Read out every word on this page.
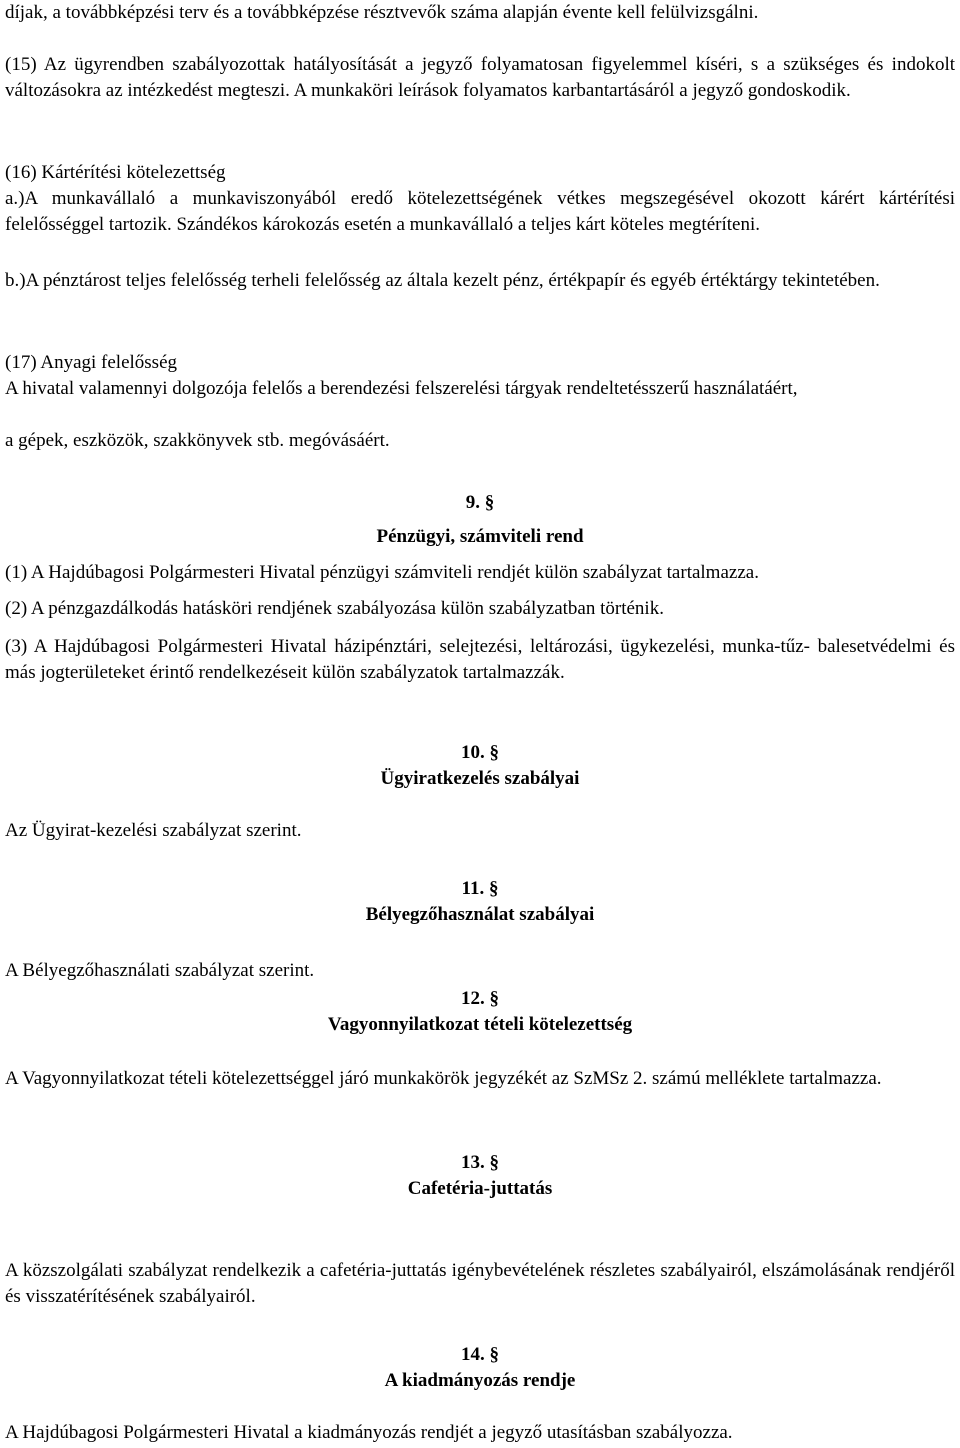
díjak, a továbbképzési terv és a továbbképzése résztvevők száma alapján évente kell felülvizsgálni.

(15) Az ügyrendben szabályozottak hatályosítását a jegyző folyamatosan figyelemmel kíséri, s a szükséges és indokolt változásokra az intézkedést megteszi. A munkaköri leírások folyamatos karbantartásáról a jegyző gondoskodik.

(16) Kártérítési kötelezettség

a.)A munkavállaló a munkaviszonyából eredő kötelezettségének vétkes megszegésével okozott kárért kártérítési felelősséggel tartozik. Szándékos károkozás esetén a munkavállaló a teljes kárt köteles megtéríteni.

b.)A pénztárost teljes felelősség terheli felelősség az általa kezelt pénz, értékpapír és egyéb értéktárgy tekintetében.

(17) Anyagi felelősség

A hivatal valamennyi dolgozója felelős a berendezési felszerelési tárgyak rendeltetésszerű használatáért,

a gépek, eszközök, szakkönyvek stb. megóvásáért.

9. §

Pénzügyi, számviteli rend

(1) A Hajdúbagosi Polgármesteri Hivatal pénzügyi számviteli rendjét külön szabályzat tartalmazza.

(2) A pénzgazdálkodás hatásköri rendjének szabályozása külön szabályzatban történik.

(3) A Hajdúbagosi Polgármesteri Hivatal házipénztári, selejtezési, leltározási, ügykezelési, munka-tűz- balesetvédelmi és más jogterületeket érintő rendelkezéseit külön szabályzatok tartalmazzák.

10. §

Ügyiratkezelés szabályai

Az Ügyirat-kezelési szabályzat szerint.

11. §

Bélyegzőhasználat szabályai

A Bélyegzőhasználati szabályzat szerint.

12. §

Vagyonnyilatkozat tételi kötelezettség

A Vagyonnyilatkozat tételi kötelezettséggel járó munkakörök jegyzékét az SzMSz 2. számú melléklete tartalmazza.

13. §

Cafetéria-juttatás

A közszolgálati szabályzat rendelkezik a cafetéria-juttatás igénybevételének részletes szabályairól, elszámolásának rendjéről és visszatérítésének szabályairól.

14. §

A kiadmányozás rendje

A Hajdúbagosi Polgármesteri Hivatal a kiadmányozás rendjét a jegyző utasításban szabályozza.
